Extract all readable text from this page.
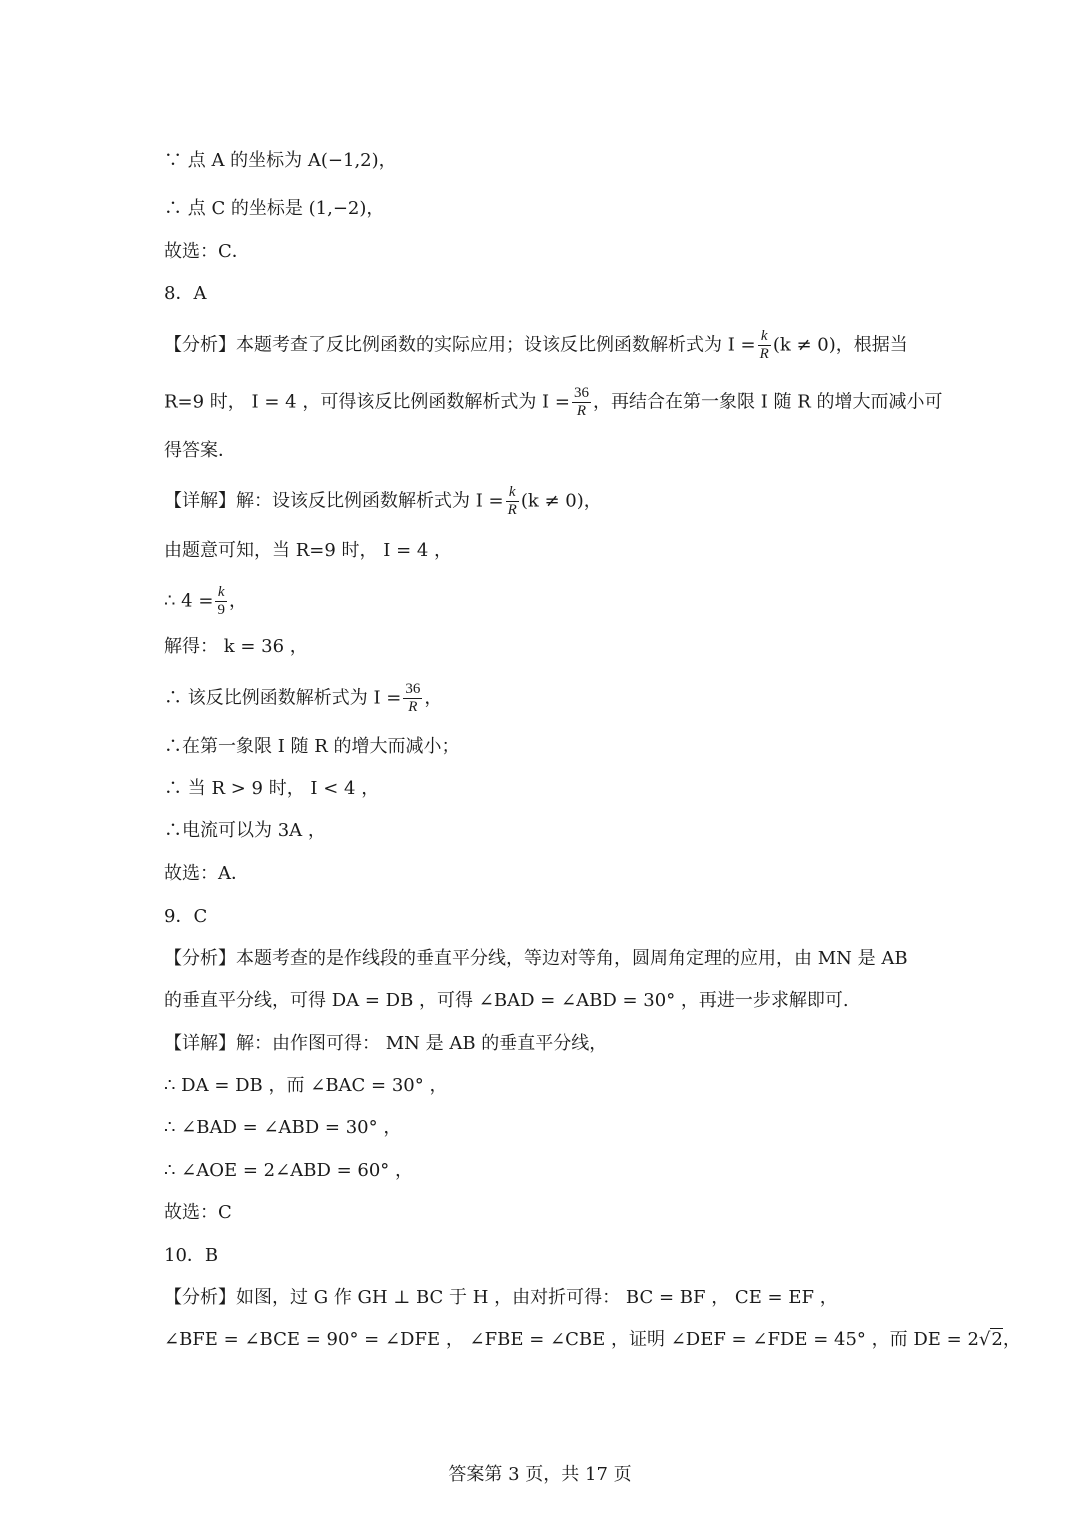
∵ 点 A 的坐标为 A(−1,2)，
∴ 点 C 的坐标是 (1,−2)，
故选：C．
8．A
【分析】本题考查了反比例函数的实际应用；设该反比例函数解析式为 $I = \frac{k}{R} (k \ne 0)$，根据当
R=9 时， I = 4 ，可得该反比例函数解析式为 $I = \frac{36}{R}$ ，再结合在第一象限 I 随 R 的增大而减小可
得答案．
【详解】解：设该反比例函数解析式为 $I = \frac{k}{R} (k \ne 0)$，
由题意可知，当 R=9 时， I = 4 ，
∴ $4 = \frac{k}{9}$ ，
解得： k = 36 ，
∴ 该反比例函数解析式为 $I = \frac{36}{R}$ ，
∴在第一象限 I 随 R 的增大而减小；
∴ 当 R > 9 时， I < 4 ，
∴电流可以为 3A ，
故选：A．
9．C
【分析】本题考查的是作线段的垂直平分线，等边对等角，圆周角定理的应用，由 MN 是 AB
的垂直平分线，可得 DA = DB ，可得 ∠BAD = ∠ABD = 30° ，再进一步求解即可.
【详解】解：由作图可得： MN 是 AB 的垂直平分线，
∴ DA = DB ，而 ∠BAC = 30° ，
∴ ∠BAD = ∠ABD = 30° ，
∴ ∠AOE = 2∠ABD = 60° ，
故选：C
10．B
【分析】如图，过 G 作 GH ⊥ BC 于 H ，由对折可得： BC = BF ， CE = EF ，
∠BFE = ∠BCE = 90° = ∠DFE ， ∠FBE = ∠CBE ，证明 ∠DEF = ∠FDE = 45° ，而 DE = 2√2，
答案第 3 页，共 17 页
